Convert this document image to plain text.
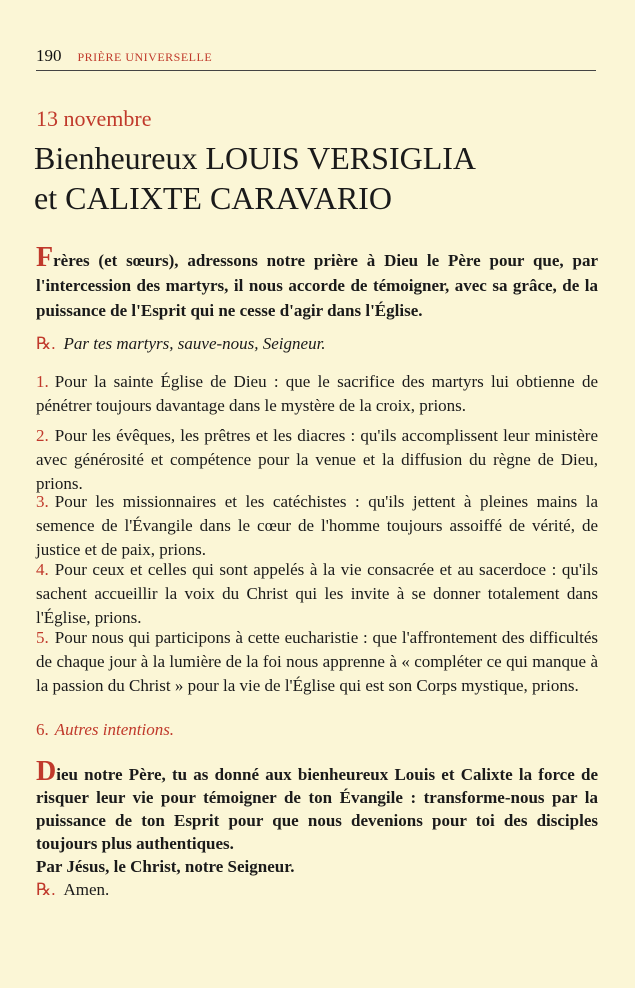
190 PRIÈRE UNIVERSELLE
13 novembre
Bienheureux LOUIS VERSIGLIA
et CALIXTE CARAVARIO
Frères (et sœurs), adressons notre prière à Dieu le Père pour que, par l'intercession des martyrs, il nous accorde de témoigner, avec sa grâce, de la puissance de l'Esprit qui ne cesse d'agir dans l'Église.
℞. Par tes martyrs, sauve-nous, Seigneur.
1. Pour la sainte Église de Dieu : que le sacrifice des martyrs lui obtienne de pénétrer toujours davantage dans le mystère de la croix, prions.
2. Pour les évêques, les prêtres et les diacres : qu'ils accomplissent leur ministère avec générosité et compétence pour la venue et la diffusion du règne de Dieu, prions.
3. Pour les missionnaires et les catéchistes : qu'ils jettent à pleines mains la semence de l'Évangile dans le cœur de l'homme toujours assoiffé de vérité, de justice et de paix, prions.
4. Pour ceux et celles qui sont appelés à la vie consacrée et au sacerdoce : qu'ils sachent accueillir la voix du Christ qui les invite à se donner totalement dans l'Église, prions.
5. Pour nous qui participons à cette eucharistie : que l'affrontement des difficultés de chaque jour à la lumière de la foi nous apprenne à « compléter ce qui manque à la passion du Christ » pour la vie de l'Église qui est son Corps mystique, prions.
6. Autres intentions.
Dieu notre Père, tu as donné aux bienheureux Louis et Calixte la force de risquer leur vie pour témoigner de ton Évangile : transforme-nous par la puissance de ton Esprit pour que nous devenions pour toi des disciples toujours plus authentiques.
Par Jésus, le Christ, notre Seigneur.
℞. Amen.
